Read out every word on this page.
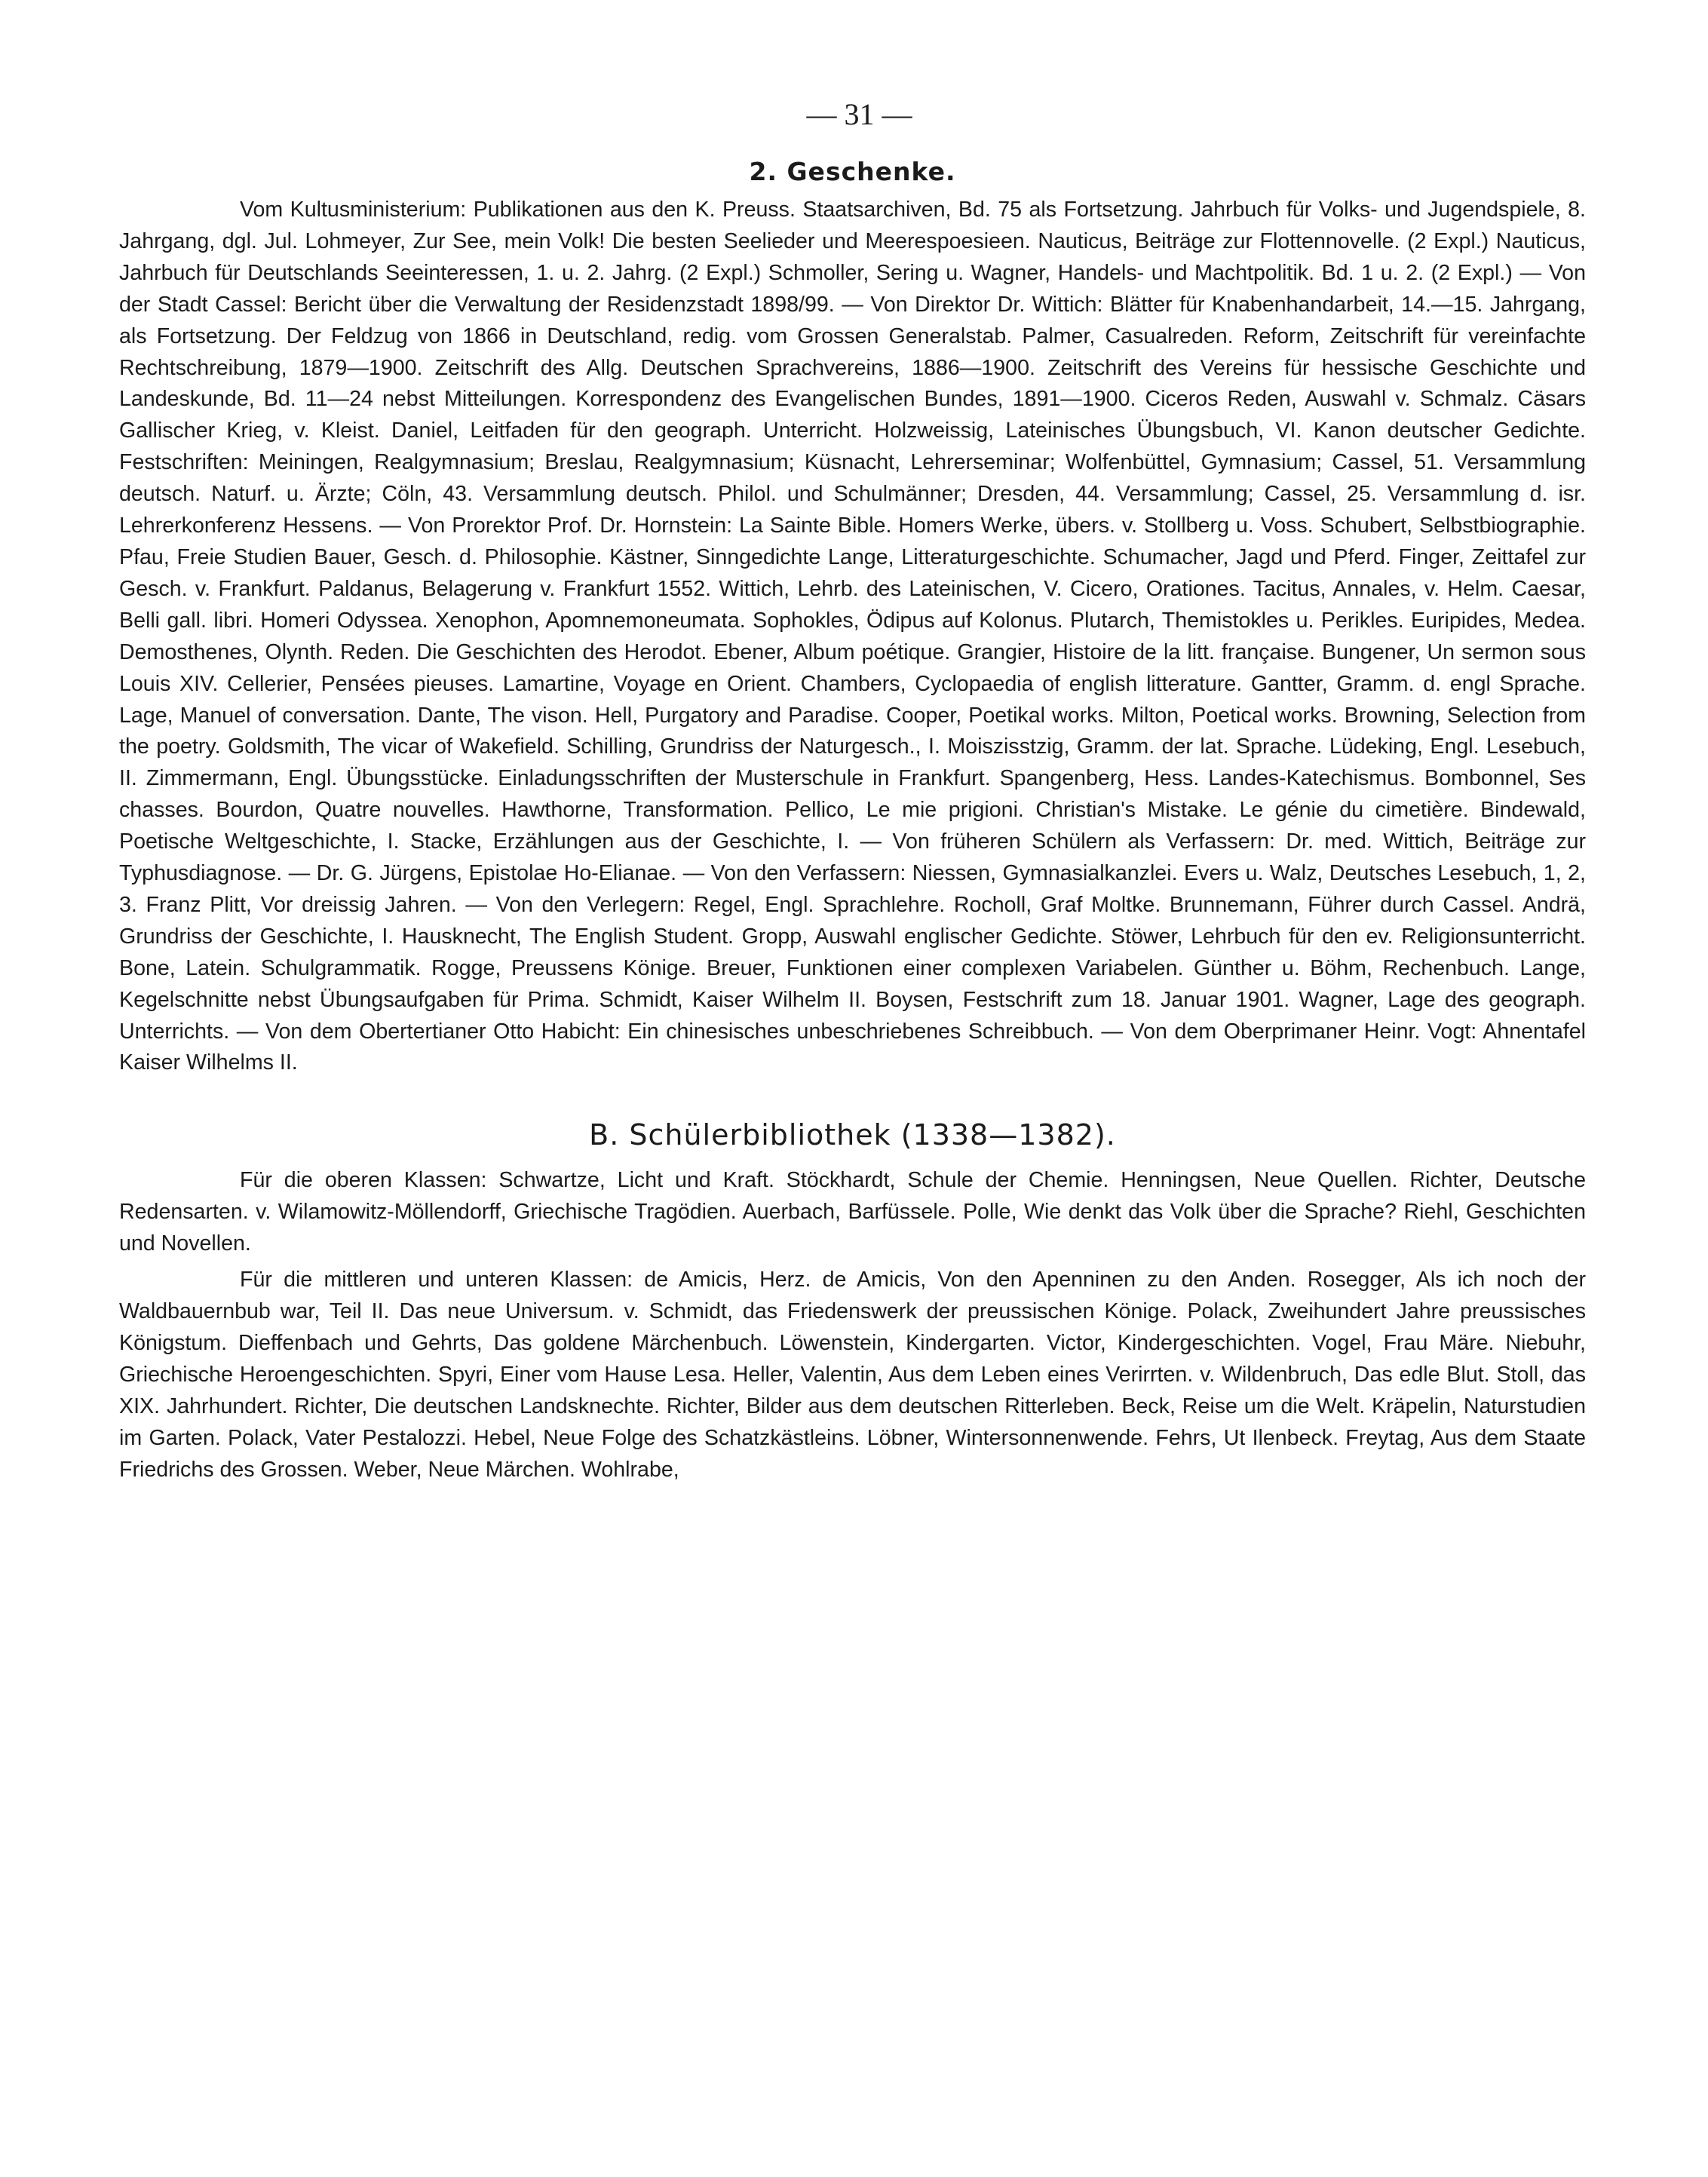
— 31 —
2. Geschenke.

Vom Kultusministerium: Publikationen aus den K. Preuss. Staatsarchiven, Bd. 75 als Fortsetzung. Jahrbuch für Volks- und Jugendspiele, 8. Jahrgang, dgl. Jul. Lohmeyer, Zur See, mein Volk! Die besten Seelieder und Meerespoesieen. Nauticus, Beiträge zur Flottennovelle. (2 Expl.) Nauticus, Jahrbuch für Deutschlands Seeinteressen, 1. u. 2. Jahrg. (2 Expl.) Schmoller, Sering u. Wagner, Handels- und Machtpolitik. Bd. 1 u. 2. (2 Expl.) — Von der Stadt Cassel: Bericht über die Verwaltung der Residenzstadt 1898/99. — Von Direktor Dr. Wittich: Blätter für Knabenhandarbeit, 14.—15. Jahrgang, als Fortsetzung. Der Feldzug von 1866 in Deutschland, redig. vom Grossen Generalstab. Palmer, Casualreden. Reform, Zeitschrift für vereinfachte Rechtschreibung, 1879—1900. Zeitschrift des Allg. Deutschen Sprachvereins, 1886—1900. Zeitschrift des Vereins für hessische Geschichte und Landeskunde, Bd. 11—24 nebst Mitteilungen. Korrespondenz des Evangelischen Bundes, 1891—1900. Ciceros Reden, Auswahl v. Schmalz. Cäsars Gallischer Krieg, v. Kleist. Daniel, Leitfaden für den geograph. Unterricht. Holzweissig, Lateinisches Übungsbuch, VI. Kanon deutscher Gedichte. Festschriften: Meiningen, Realgymnasium; Breslau, Realgymnasium; Küsnacht, Lehrerseminar; Wolfenbüttel, Gymnasium; Cassel, 51. Versammlung deutsch. Naturf. u. Ärzte; Cöln, 43. Versammlung deutsch. Philol. und Schulmänner; Dresden, 44. Versammlung; Cassel, 25. Versammlung d. isr. Lehrerkonferenz Hessens. — Von Prorektor Prof. Dr. Hornstein: La Sainte Bible. Homers Werke, übers. v. Stollberg u. Voss. Schubert, Selbstbiographie. Pfau, Freie Studien Bauer, Gesch. d. Philosophie. Kästner, Sinngedichte Lange, Litteraturgeschichte. Schumacher, Jagd und Pferd. Finger, Zeittafel zur Gesch. v. Frankfurt. Paldanus, Belagerung v. Frankfurt 1552. Wittich, Lehrb. des Lateinischen, V. Cicero, Orationes. Tacitus, Annales, v. Helm. Caesar, Belli gall. libri. Homeri Odyssea. Xenophon, Apomnemoneumata. Sophokles, Ödipus auf Kolonus. Plutarch, Themistokles u. Perikles. Euripides, Medea. Demosthenes, Olynth. Reden. Die Geschichten des Herodot. Ebener, Album poétique. Grangier, Histoire de la litt. française. Bungener, Un sermon sous Louis XIV. Cellerier, Pensées pieuses. Lamartine, Voyage en Orient. Chambers, Cyclopaedia of english litterature. Gantter, Gramm. d. engl Sprache. Lage, Manuel of conversation. Dante, The vison. Hell, Purgatory and Paradise. Cooper, Poetikal works. Milton, Poetical works. Browning, Selection from the poetry. Goldsmith, The vicar of Wakefield. Schilling, Grundriss der Naturgesch., I. Moiszisstzig, Gramm. der lat. Sprache. Lüdeking, Engl. Lesebuch, II. Zimmermann, Engl. Übungsstücke. Einladungsschriften der Musterschule in Frankfurt. Spangenberg, Hess. Landes-Katechismus. Bombonnel, Ses chasses. Bourdon, Quatre nouvelles. Hawthorne, Transformation. Pellico, Le mie prigioni. Christian's Mistake. Le génie du cimetière. Bindewald, Poetische Weltgeschichte, I. Stacke, Erzählungen aus der Geschichte, I. — Von früheren Schülern als Verfassern: Dr. med. Wittich, Beiträge zur Typhusdiagnose. — Dr. G. Jürgens, Epistolae Ho-Elianae. — Von den Verfassern: Niessen, Gymnasialkanzlei. Evers u. Walz, Deutsches Lesebuch, 1, 2, 3. Franz Plitt, Vor dreissig Jahren. — Von den Verlegern: Regel, Engl. Sprachlehre. Rocholl, Graf Moltke. Brunnemann, Führer durch Cassel. Andrä, Grundriss der Geschichte, I. Hausknecht, The English Student. Gropp, Auswahl englischer Gedichte. Stöwer, Lehrbuch für den ev. Religionsunterricht. Bone, Latein. Schulgrammatik. Rogge, Preussens Könige. Breuer, Funktionen einer complexen Variabelen. Günther u. Böhm, Rechenbuch. Lange, Kegelschnitte nebst Übungsaufgaben für Prima. Schmidt, Kaiser Wilhelm II. Boysen, Festschrift zum 18. Januar 1901. Wagner, Lage des geograph. Unterrichts. — Von dem Obertertianer Otto Habicht: Ein chinesisches unbeschriebenes Schreibbuch. — Von dem Oberprimaner Heinr. Vogt: Ahnentafel Kaiser Wilhelms II.

B. Schülerbibliothek (1338—1382).

Für die oberen Klassen: Schwartze, Licht und Kraft. Stöckhardt, Schule der Chemie. Henningsen, Neue Quellen. Richter, Deutsche Redensarten. v. Wilamowitz-Möllendorff, Griechische Tragödien. Auerbach, Barfüssele. Polle, Wie denkt das Volk über die Sprache? Riehl, Geschichten und Novellen.

Für die mittleren und unteren Klassen: de Amicis, Herz. de Amicis, Von den Apenninen zu den Anden. Rosegger, Als ich noch der Waldbauernbub war, Teil II. Das neue Universum. v. Schmidt, das Friedenswerk der preussischen Könige. Polack, Zweihundert Jahre preussisches Königstum. Dieffenbach und Gehrts, Das goldene Märchenbuch. Löwenstein, Kindergarten. Victor, Kindergeschichten. Vogel, Frau Märe. Niebuhr, Griechische Heroengeschichten. Spyri, Einer vom Hause Lesa. Heller, Valentin, Aus dem Leben eines Verirrten. v. Wildenbruch, Das edle Blut. Stoll, das XIX. Jahrhundert. Richter, Die deutschen Landsknechte. Richter, Bilder aus dem deutschen Ritterleben. Beck, Reise um die Welt. Kräpelin, Naturstudien im Garten. Polack, Vater Pestalozzi. Hebel, Neue Folge des Schatzkästleins. Löbner, Wintersonnenwende. Fehrs, Ut Ilenbeck. Freytag, Aus dem Staate Friedrichs des Grossen. Weber, Neue Märchen. Wohlrabe,
